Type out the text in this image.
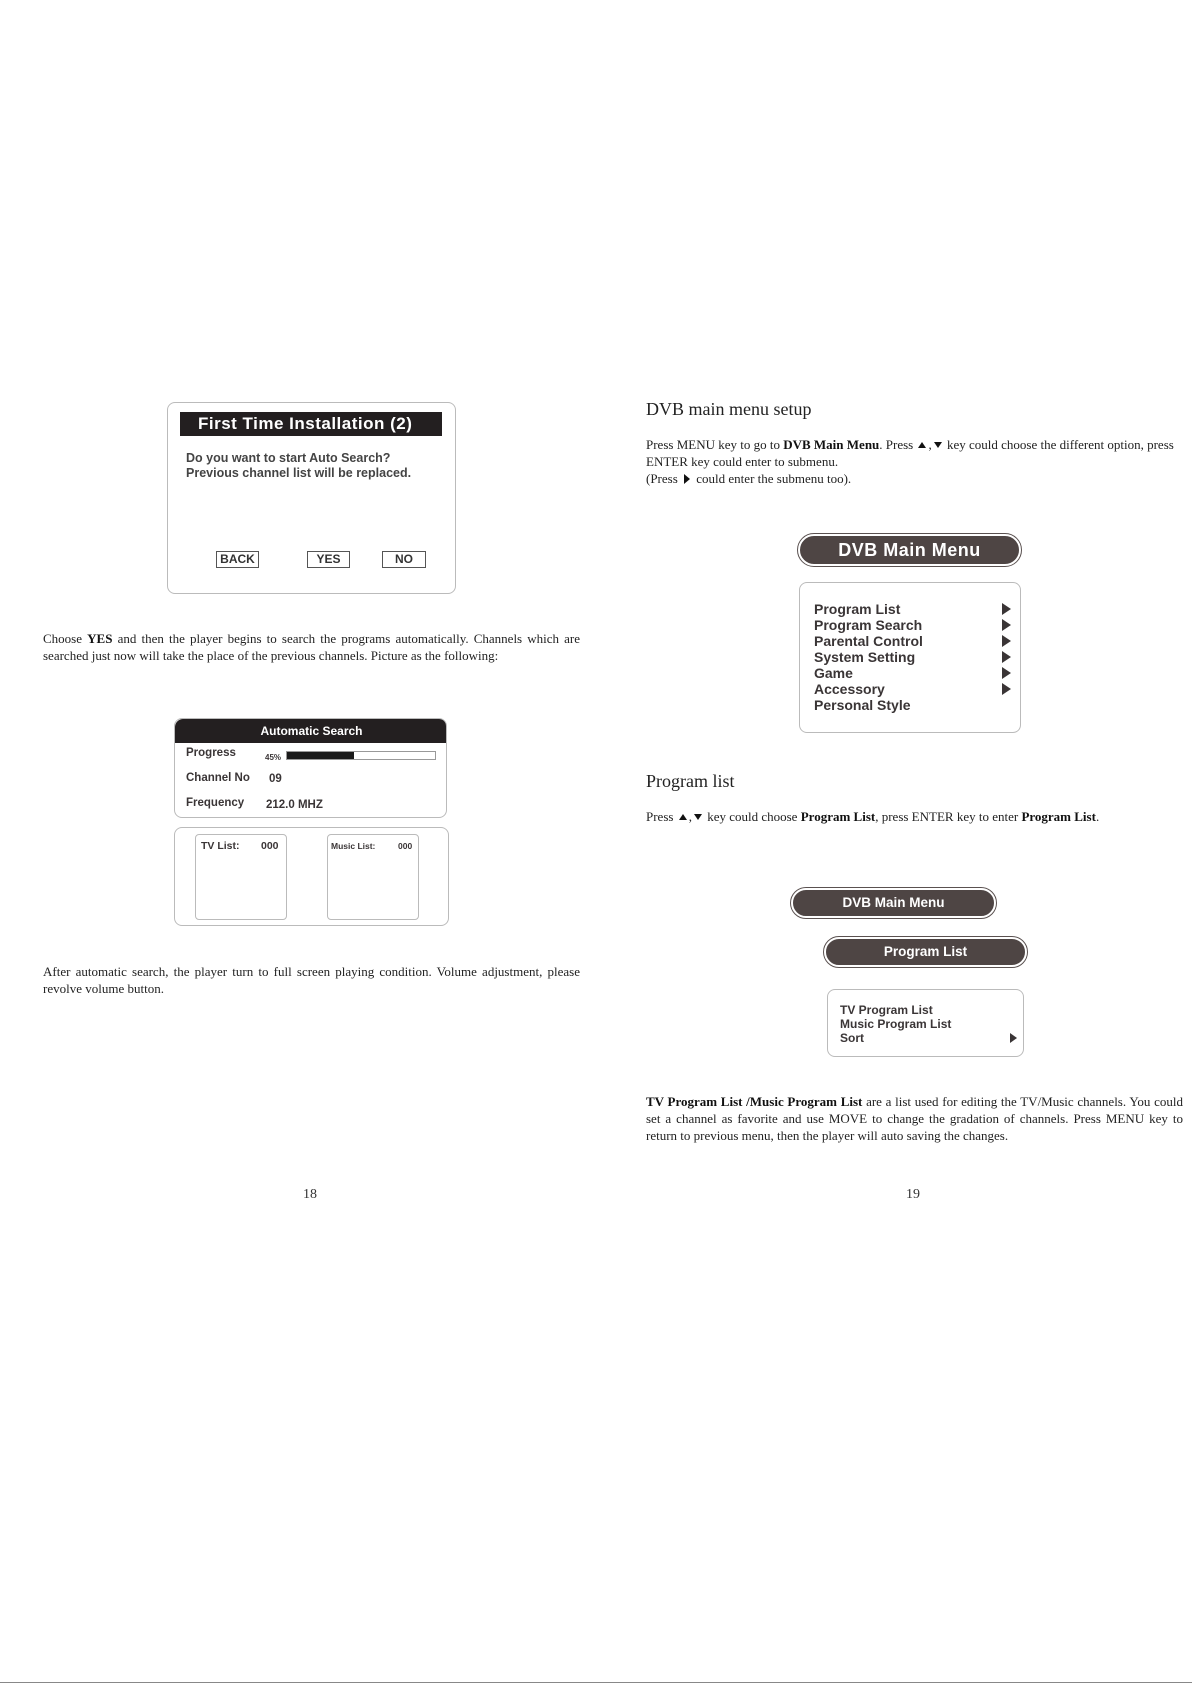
First Time Installation (2)
Do you want to start Auto Search?
Previous channel list will be replaced.
BACK	YES	NO
Choose YES and then the player begins to search the programs automatically. Channels which are searched just now will take the place of the previous channels. Picture as the following:
Automatic Search
Progress	45%
Channel No 09
Frequency 212.0 MHZ
TV List: 000	Music List:	000
After automatic search, the player turn to full screen playing condition. Volume adjustment, please revolve volume button.
18
DVB main menu setup
Press MENU key to go to DVB Main Menu. Press , key could choose the different option, press ENTER key could enter to submenu.
(Press  could enter the submenu too).
DVB Main Menu
Program List
Program Search
Parental Control
System Setting
Game
Accessory
Personal Style
Program list
Press , key could choose Program List, press ENTER key to enter Program List.
DVB Main Menu
Program List
TV Program List
Music Program List
Sort
TV Program List /Music Program List are a list used for editing the TV/Music channels. You could set a channel as favorite and use MOVE to change the gradation of channels. Press MENU key to return to previous menu, then the player will auto saving the changes.
19
